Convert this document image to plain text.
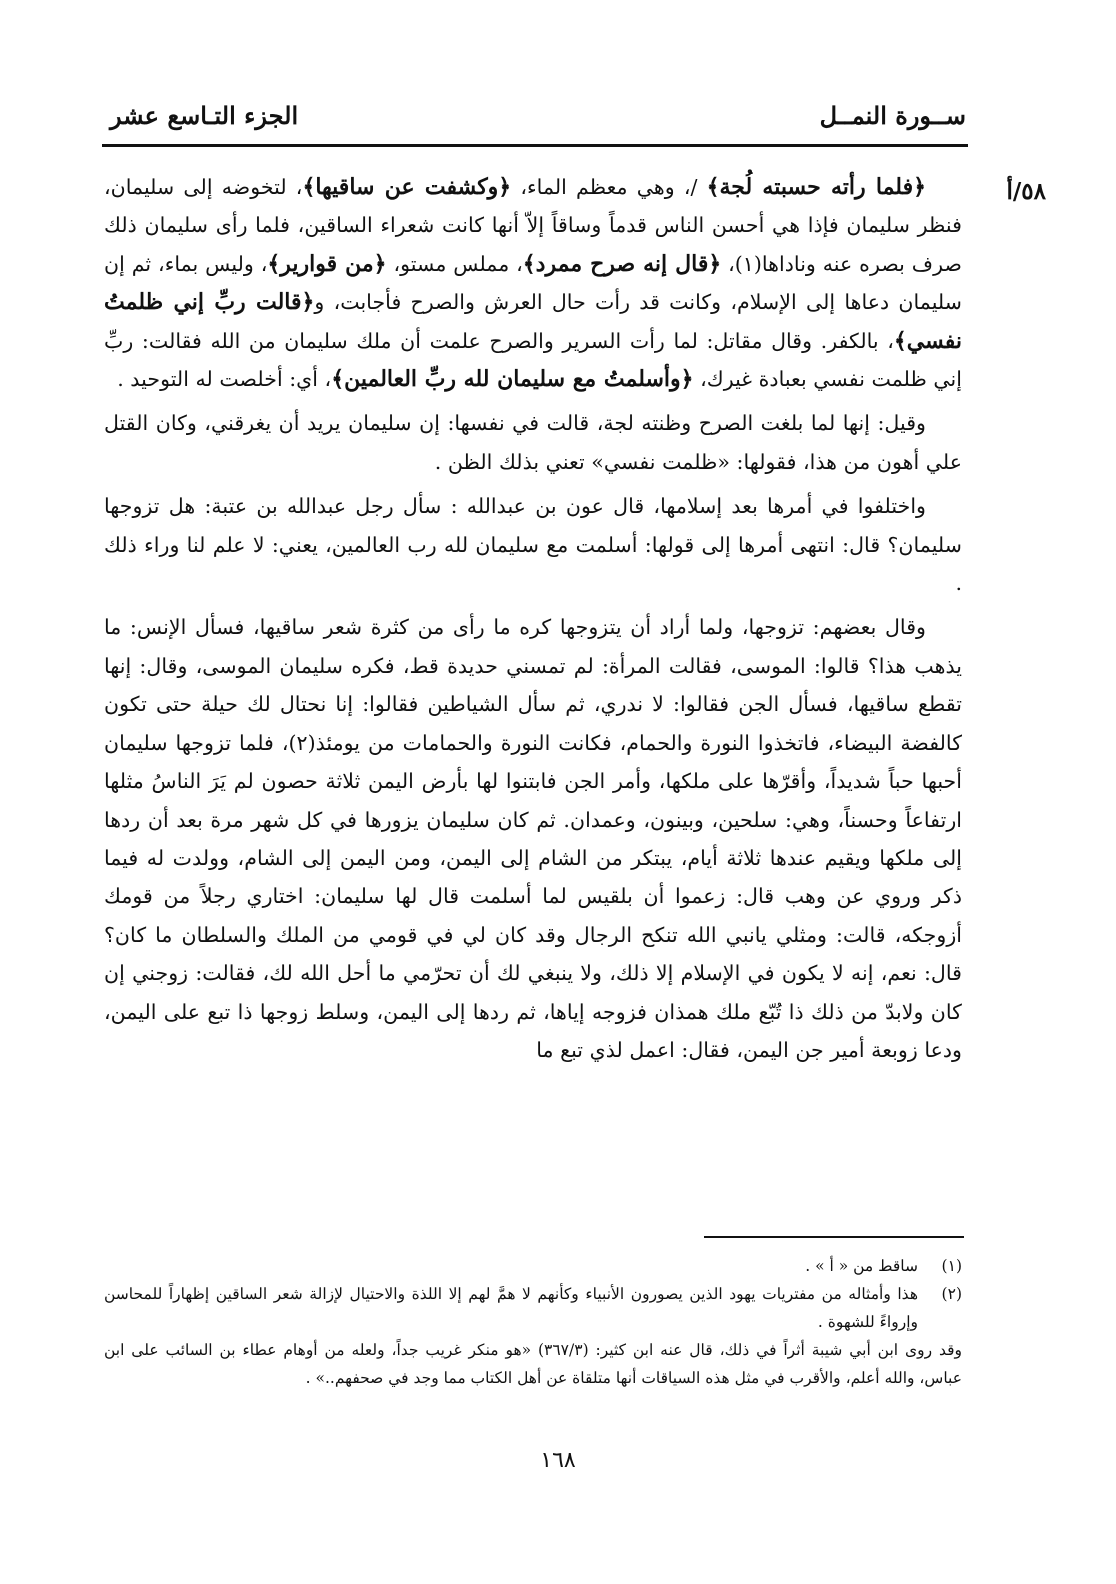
ســورة النمــل
الجزء التـاسع عشر
٥٨/أ

﴿فلما رأته حسبته لُجة﴾ /، وهي معظم الماء، ﴿وكشفت عن ساقيها﴾، لتخوضه إلى سليمان، فنظر سليمان فإذا هي أحسن الناس قدماً وساقاً إلاّ أنها كانت شعراء الساقين، فلما رأى سليمان ذلك صرف بصره عنه وناداها(١)، ﴿قال إنه صرح ممرد﴾، مملس مستو، ﴿من قوارير﴾، وليس بماء، ثم إن سليمان دعاها إلى الإسلام، وكانت قد رأت حال العرش والصرح فأجابت، و﴿قالت ربِّ إني ظلمتُ نفسي﴾، بالكفر. وقال مقاتل: لما رأت السرير والصرح علمت أن ملك سليمان من الله فقالت: ربِّ إني ظلمت نفسي بعبادة غيرك، ﴿وأسلمتُ مع سليمان لله ربِّ العالمين﴾، أي: أخلصت له التوحيد .

وقيل: إنها لما بلغت الصرح وظنته لجة، قالت في نفسها: إن سليمان يريد أن يغرقني، وكان القتل علي أهون من هذا، فقولها: «ظلمت نفسي» تعني بذلك الظن .

واختلفوا في أمرها بعد إسلامها، قال عون بن عبدالله : سأل رجل عبدالله بن عتبة: هل تزوجها سليمان؟ قال: انتهى أمرها إلى قولها: أسلمت مع سليمان لله رب العالمين، يعني: لا علم لنا وراء ذلك .

وقال بعضهم: تزوجها، ولما أراد أن يتزوجها كره ما رأى من كثرة شعر ساقيها، فسأل الإنس: ما يذهب هذا؟ قالوا: الموسى، فقالت المرأة: لم تمسني حديدة قط، فكره سليمان الموسى، وقال: إنها تقطع ساقيها، فسأل الجن فقالوا: لا ندري، ثم سأل الشياطين فقالوا: إنا نحتال لك حيلة حتى تكون كالفضة البيضاء، فاتخذوا النورة والحمام، فكانت النورة والحمامات من يومئذ(٢)، فلما تزوجها سليمان أحبها حباً شديداً، وأقرّها على ملكها، وأمر الجن فابتنوا لها بأرض اليمن ثلاثة حصون لم يَرَ الناسُ مثلها ارتفاعاً وحسناً، وهي: سلحين، وبينون، وعمدان. ثم كان سليمان يزورها في كل شهر مرة بعد أن ردها إلى ملكها ويقيم عندها ثلاثة أيام، يبتكر من الشام إلى اليمن، ومن اليمن إلى الشام، وولدت له فيما ذكر وروي عن وهب قال: زعموا أن بلقيس لما أسلمت قال لها سليمان: اختاري رجلاً من قومك أزوجكه، قالت: ومثلي يانبي الله تنكح الرجال وقد كان لي في قومي من الملك والسلطان ما كان؟ قال: نعم، إنه لا يكون في الإسلام إلا ذلك، ولا ينبغي لك أن تحرّمي ما أحل الله لك، فقالت: زوجني إن كان ولابدّ من ذلك ذا تُبّع ملك همذان فزوجه إياها، ثم ردها إلى اليمن، وسلط زوجها ذا تبع على اليمن، ودعا زوبعة أمير جن اليمن، فقال: اعمل لذي تبع ما

(١)
ساقط من « أ » .
(٢)
هذا وأمثاله من مفتريات يهود الذين يصورون الأنبياء وكأنهم لا همَّ لهم إلا اللذة والاحتيال لإزالة شعر الساقين إظهاراً للمحاسن وإرواءً للشهوة .

وقد روى ابن أبي شيبة أثراً في ذلك، قال عنه ابن كثير: (٣٦٧/٣) «هو منكر غريب جداً، ولعله من أوهام عطاء بن السائب على ابن عباس، والله أعلم، والأقرب في مثل هذه السياقات أنها متلقاة عن أهل الكتاب مما وجد في صحفهم..» .

١٦٨
